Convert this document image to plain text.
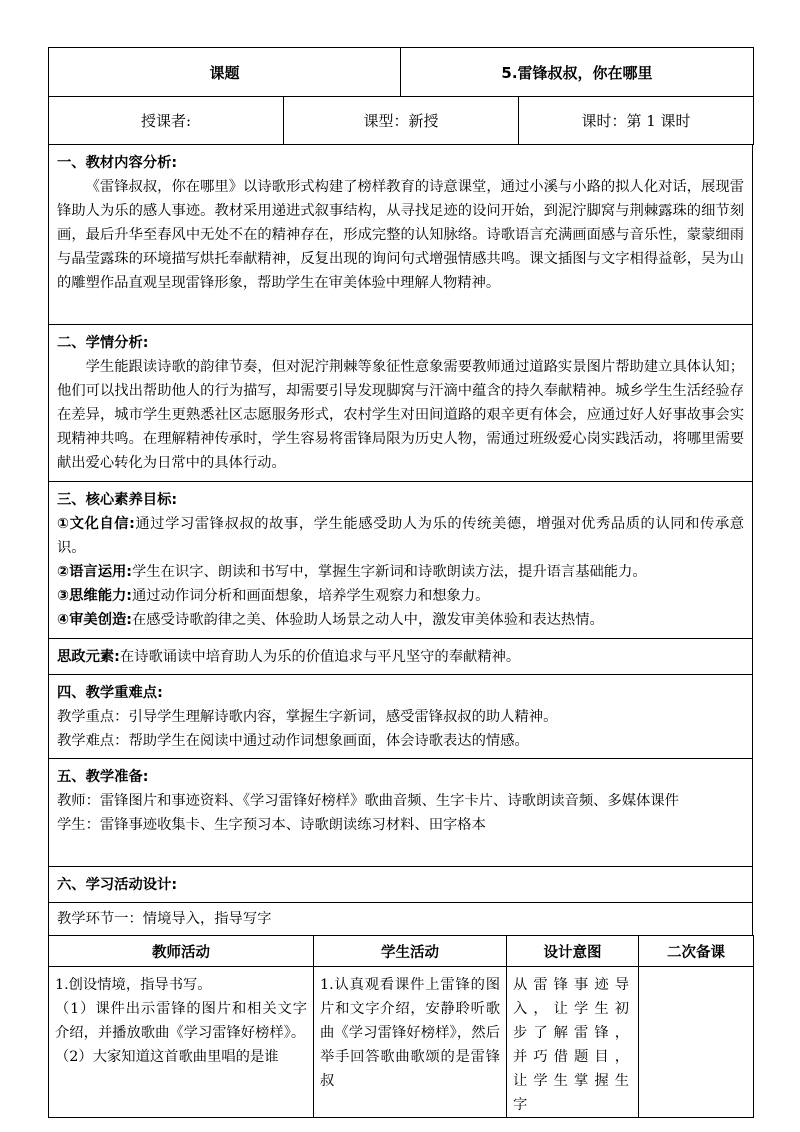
课题	5.雷锋叔叔，你在哪里
授课者:	课型：新授	课时：第 1 课时

一、教材内容分析:

《雷锋叔叔，你在哪里》以诗歌形式构建了榜样教育的诗意课堂，通过小溪与小路的拟人化对话，展现雷锋助人为乐的感人事迹。教材采用递进式叙事结构，从寻找足迹的设问开始，到泥泞脚窝与荆棘露珠的细节刻画，最后升华至春风中无处不在的精神存在，形成完整的认知脉络。诗歌语言充满画面感与音乐性，蒙蒙细雨与晶莹露珠的环境描写烘托奉献精神，反复出现的询问句式增强情感共鸣。课文插图与文字相得益彰，吴为山的雕塑作品直观呈现雷锋形象，帮助学生在审美体验中理解人物精神。

二、学情分析:

学生能跟读诗歌的韵律节奏，但对泥泞荆棘等象征性意象需要教师通过道路实景图片帮助建立具体认知；他们可以找出帮助他人的行为描写，却需要引导发现脚窝与汗滴中蕴含的持久奉献精神。城乡学生生活经验存在差异，城市学生更熟悉社区志愿服务形式，农村学生对田间道路的艰辛更有体会，应通过好人好事故事会实现精神共鸣。在理解精神传承时，学生容易将雷锋局限为历史人物，需通过班级爱心岗实践活动，将哪里需要献出爱心转化为日常中的具体行动。

三、核心素养目标:

①文化自信:通过学习雷锋叔叔的故事，学生能感受助人为乐的传统美德，增强对优秀品质的认同和传承意识。

②语言运用:学生在识字、朗读和书写中，掌握生字新词和诗歌朗读方法，提升语言基础能力。

③思维能力:通过动作词分析和画面想象，培养学生观察力和想象力。

④审美创造:在感受诗歌韵律之美、体验助人场景之动人中，激发审美体验和表达热情。

思政元素:在诗歌诵读中培育助人为乐的价值追求与平凡坚守的奉献精神。

四、教学重难点:

教学重点：引导学生理解诗歌内容，掌握生字新词，感受雷锋叔叔的助人精神。

教学难点：帮助学生在阅读中通过动作词想象画面，体会诗歌表达的情感。

五、教学准备:

教师：雷锋图片和事迹资料、《学习雷锋好榜样》歌曲音频、生字卡片、诗歌朗读音频、多媒体课件

学生：雷锋事迹收集卡、生字预习本、诗歌朗读练习材料、田字格本

六、学习活动设计:

教学环节一：情境导入，指导写字
教师活动	学生活动	设计意图	二次备课

1.创设情境，指导书写。
（1）课件出示雷锋的图片和相关文字介绍，并播放歌曲《学习雷锋好榜样》。
（2）大家知道这首歌曲里唱的是谁	1.认真观看课件上雷锋的图片和文字介绍，安静聆听歌曲《学习雷锋好榜样》，然后举手回答歌曲歌颂的是雷锋叔	从雷锋事迹导入，让学生初步了解雷锋，并巧借题目，让学生掌握生字	
